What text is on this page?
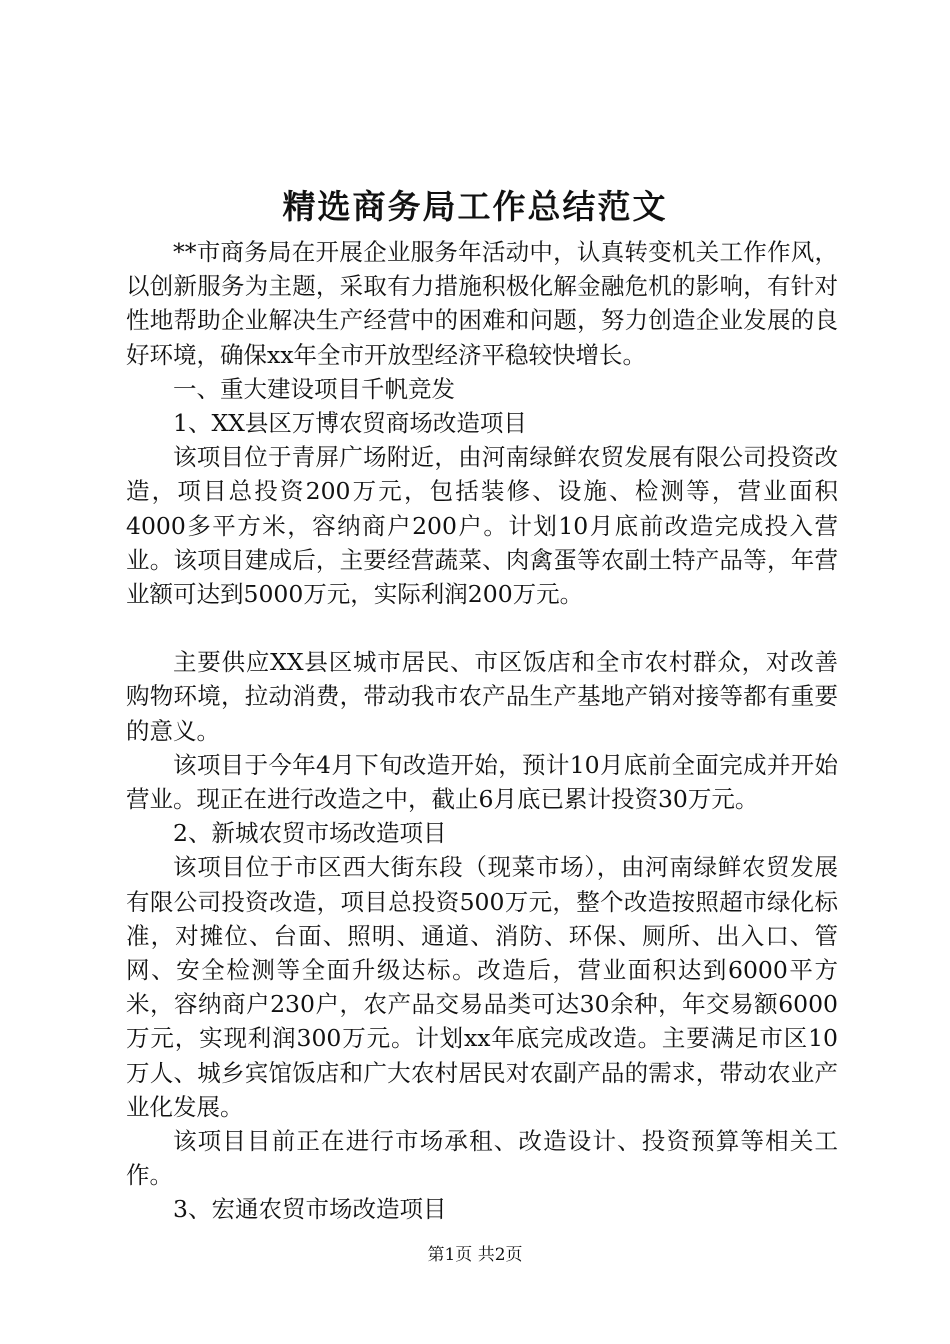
精选商务局工作总结范文

**市商务局在开展企业服务年活动中，认真转变机关工作作风，以创新服务为主题，采取有力措施积极化解金融危机的影响，有针对性地帮助企业解决生产经营中的困难和问题，努力创造企业发展的良好环境，确保xx年全市开放型经济平稳较快增长。

一、重大建设项目千帆竞发

1、XX县区万博农贸商场改造项目

该项目位于青屏广场附近，由河南绿鲜农贸发展有限公司投资改造，项目总投资200万元，包括装修、设施、检测等，营业面积4000多平方米，容纳商户200户。计划10月底前改造完成投入营业。该项目建成后，主要经营蔬菜、肉禽蛋等农副土特产品等，年营业额可达到5000万元，实际利润200万元。

主要供应XX县区城市居民、市区饭店和全市农村群众，对改善购物环境，拉动消费，带动我市农产品生产基地产销对接等都有重要的意义。

该项目于今年4月下旬改造开始，预计10月底前全面完成并开始营业。现正在进行改造之中，截止6月底已累计投资30万元。

2、新城农贸市场改造项目

该项目位于市区西大街东段（现菜市场），由河南绿鲜农贸发展有限公司投资改造，项目总投资500万元，整个改造按照超市绿化标准，对摊位、台面、照明、通道、消防、环保、厕所、出入口、管网、安全检测等全面升级达标。改造后，营业面积达到6000平方米，容纳商户230户，农产品交易品类可达30余种，年交易额6000万元，实现利润300万元。计划xx年底完成改造。主要满足市区10万人、城乡宾馆饭店和广大农村居民对农副产品的需求，带动农业产业化发展。

该项目目前正在进行市场承租、改造设计、投资预算等相关工作。

3、宏通农贸市场改造项目

第1页 共2页
